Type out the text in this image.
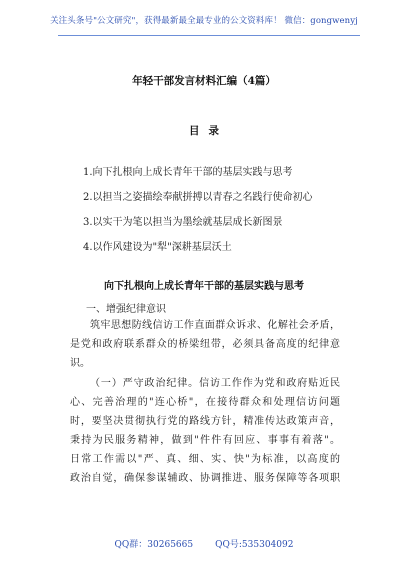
关注头条号"公文研究"，获得最新最全最专业的公文资料库！ 微信：gongwenyj
年轻干部发言材料汇编（4篇）
目录
1.向下扎根向上成长青年干部的基层实践与思考
2.以担当之姿描绘奉献拼搏以青春之名践行使命初心
3.以实干为笔以担当为墨绘就基层成长新图景
4.以作风建设为"犁"深耕基层沃土
向下扎根向上成长青年干部的基层实践与思考
一、增强纪律意识
筑牢思想防线信访工作直面群众诉求、化解社会矛盾，
是党和政府联系群众的桥梁纽带，必须具备高度的纪律意
识。
（一）严守政治纪律。信访工作作为党和政府贴近民
心、完善治理的"连心桥"，在接待群众和处理信访问题
时，要坚决贯彻执行党的路线方针，精准传达政策声音，
秉持为民服务精神，做到"件件有回应、事事有着落"。
日常工作需以"严、真、细、实、快"为标准，以高度的
政治自觉，确保参谋辅政、协调推进、服务保障等各项职
QQ群：30265665 QQ号:535304092
